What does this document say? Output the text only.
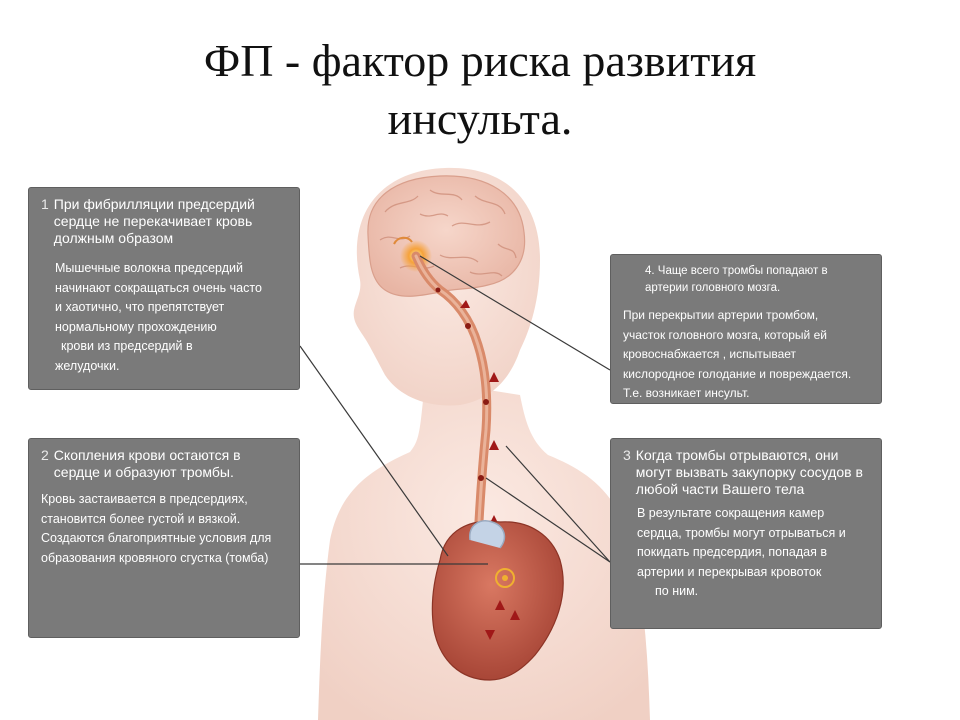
ФП - фактор риска развития
инсульта.
1 При фибрилляции предсердий сердце не перекачивает кровь должным образом
Мышечные волокна предсердий
начинают сокращаться очень часто
и хаотично, что препятствует
нормальному прохождению
крови из предсердий в
желудочки.
2 Скопления крови остаются в сердце и образуют тромбы.
Кровь застаивается в предсердиях,
становится более густой и вязкой.
Создаются благоприятные условия для
образования кровяного сгустка (томба)
3 Когда тромбы отрываются, они могут вызвать закупорку сосудов в любой части Вашего тела
В результате сокращения камер
сердца, тромбы могут отрываться и
покидать предсердия, попадая в
артерии и перекрывая кровоток
по ним.
4. Чаще всего тромбы попадают в артерии головного мозга.
При перекрытии артерии тромбом,
участок головного мозга, который ей
кровоснабжается , испытывает
кислородное голодание и повреждается.
Т.е. возникает инсульт.
